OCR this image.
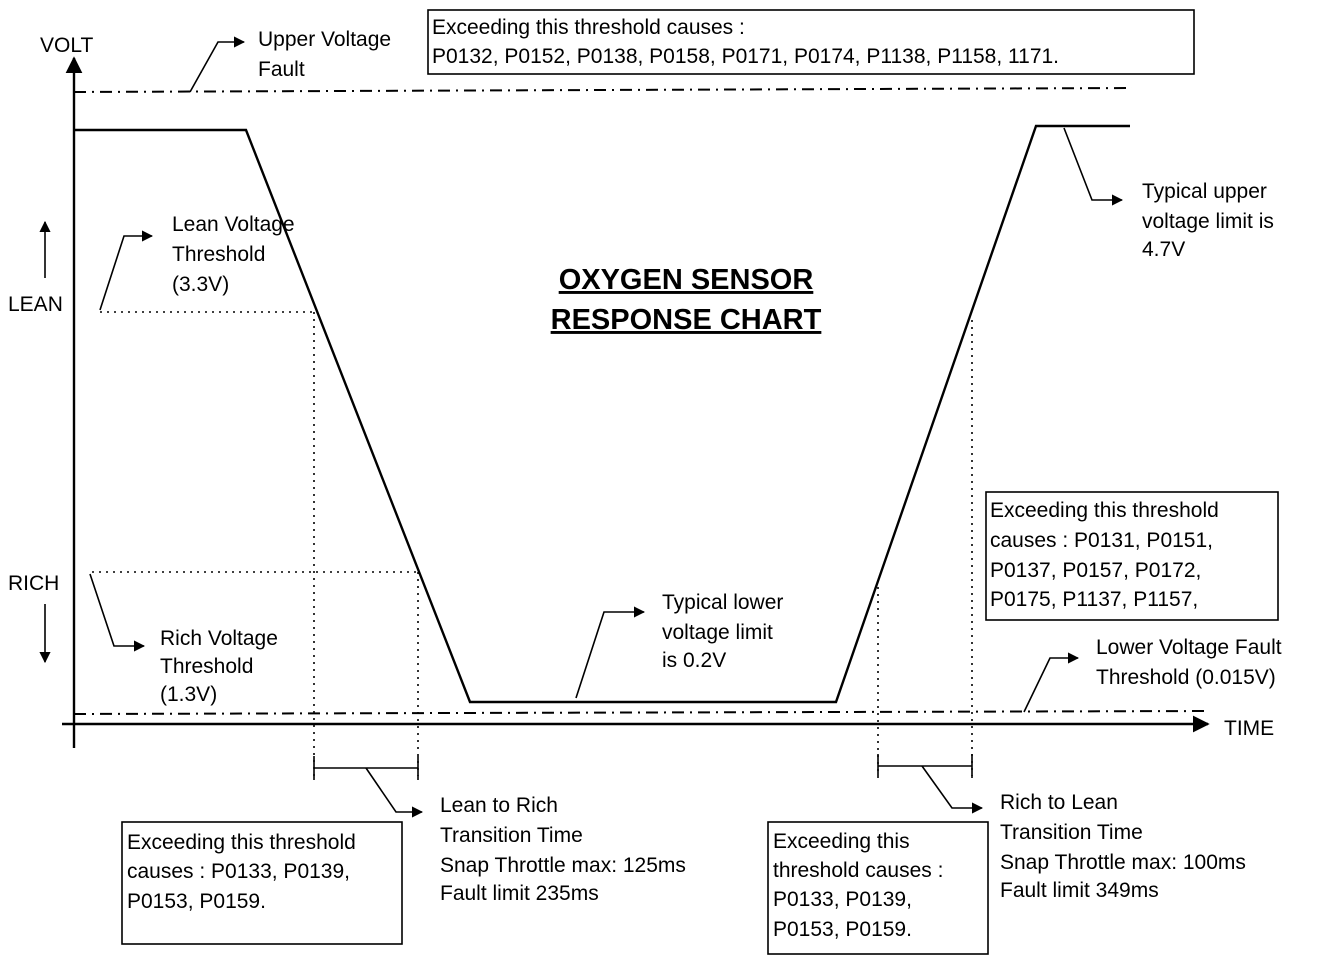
VOLT
TIME
LEAN
RICH
OXYGEN SENSOR
RESPONSE CHART
Upper Voltage
Fault
Lean Voltage
Threshold
(3.3V)
Rich Voltage
Threshold
(1.3V)
Typical upper
voltage limit is
4.7V
Typical lower
voltage limit
is 0.2V
Lower Voltage Fault
Threshold (0.015V)
Lean to Rich
Transition Time
Snap Throttle max: 125ms
Fault limit 235ms
Rich to Lean
Transition Time
Snap Throttle max: 100ms
Fault limit 349ms
Exceeding this threshold causes :
P0132, P0152, P0138, P0158, P0171, P0174, P1138, P1158, 1171.
Exceeding this threshold
causes : P0131, P0151,
P0137, P0157, P0172,
P0175, P1137, P1157,
Exceeding this threshold
causes : P0133, P0139,
P0153, P0159.
Exceeding this
threshold causes :
P0133, P0139,
P0153, P0159.
